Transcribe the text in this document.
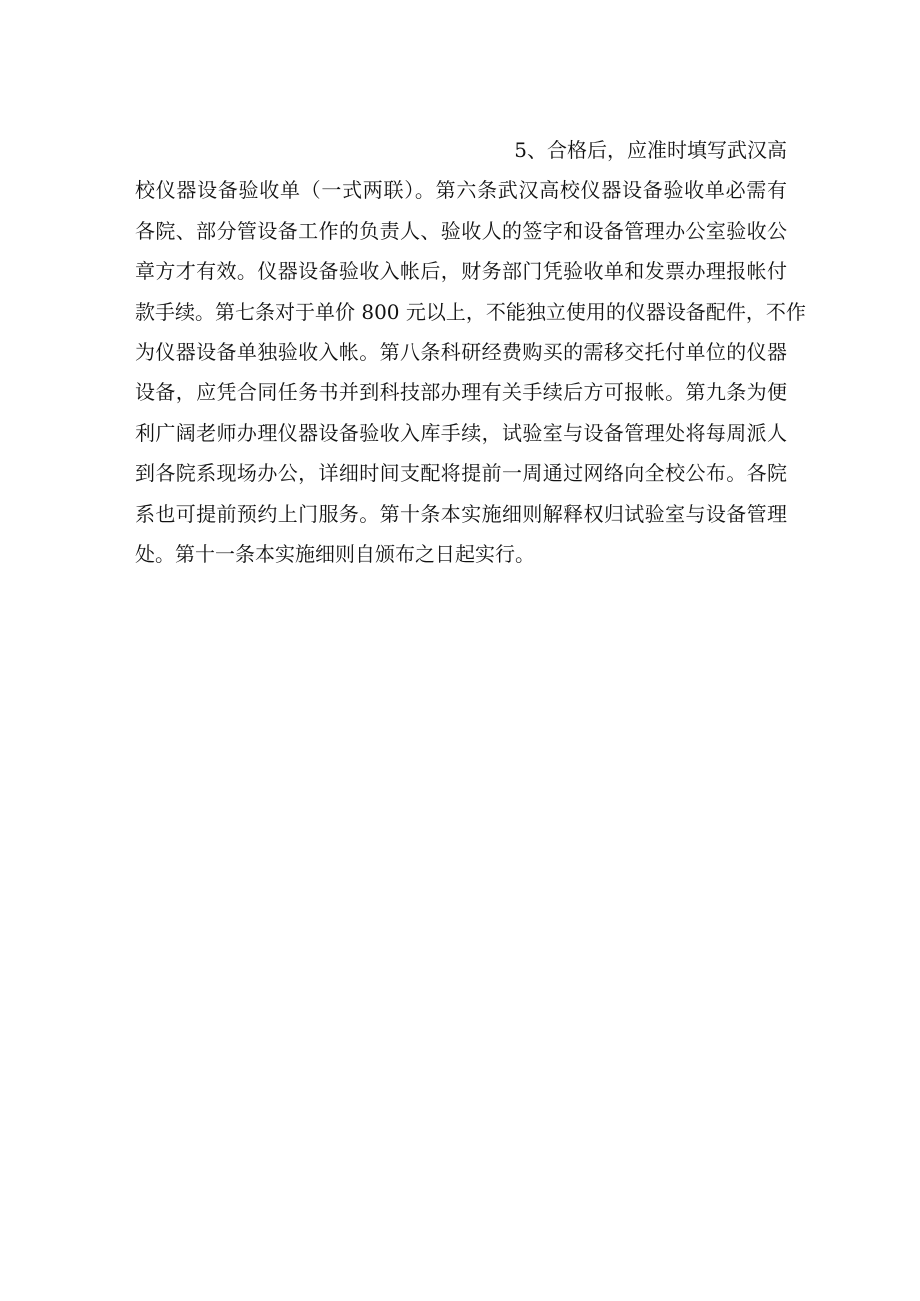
5、合格后，应准时填写武汉高
校仪器设备验收单（一式两联）。第六条武汉高校仪器设备验收单必需有
各院、部分管设备工作的负责人、验收人的签字和设备管理办公室验收公
章方才有效。仪器设备验收入帐后，财务部门凭验收单和发票办理报帐付
款手续。第七条对于单价 800 元以上，不能独立使用的仪器设备配件，不作
为仪器设备单独验收入帐。第八条科研经费购买的需移交托付单位的仪器
设备，应凭合同任务书并到科技部办理有关手续后方可报帐。第九条为便
利广阔老师办理仪器设备验收入库手续，试验室与设备管理处将每周派人
到各院系现场办公，详细时间支配将提前一周通过网络向全校公布。各院
系也可提前预约上门服务。第十条本实施细则解释权归试验室与设备管理
处。第十一条本实施细则自颁布之日起实行。
